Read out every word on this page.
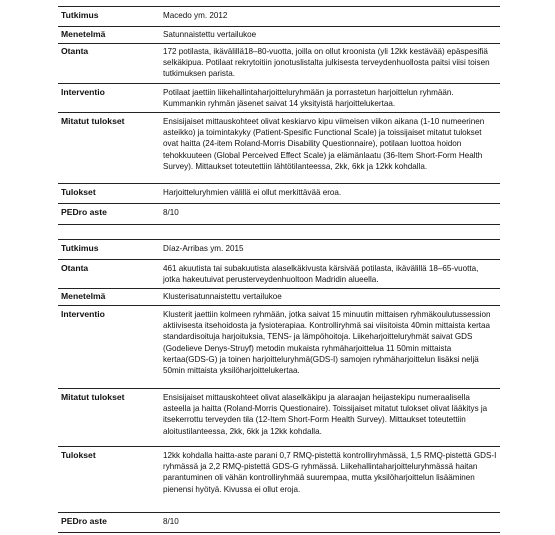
Tutkimus	Macedo ym. 2012
Menetelmä	Satunnaistettu vertailukoe
Otanta	172 potilasta, ikävälillä18–80-vuotta, joilla on ollut kroonista (yli 12kk kestävää) epäspesifiä selkäkipua. Potilaat rekrytoitiin jonotuslistalta julkisesta terveydenhuollosta paitsi viisi toisen tutkimuksen parista.
Interventio	Potilaat jaettiin liikehallintaharjoitteluryhmään ja porrastetun harjoittelun ryhmään. Kummankin ryhmän jäsenet saivat 14 yksityistä harjoittelukertaa.
Mitatut tulokset	Ensisijaiset mittauskohteet olivat keskiarvo kipu viimeisen viikon aikana (1-10 numeerinen asteikko) ja toimintakyky (Patient-Spesific Functional Scale) ja toissijaiset mitatut tulokset ovat haitta (24-item Roland-Morris Disability Questionnaire), potilaan luottoa hoidon tehokkuuteen (Global Perceived Effect Scale) ja elämänlaatu (36-Item Short-Form Health Survey). Mittaukset toteutettiin lähtötilanteessa, 2kk, 6kk ja 12kk kohdalla.
Tulokset	Harjoitteluryhmien välillä ei ollut merkittävää eroa.
PEDro aste	8/10
Tutkimus	Díaz-Arribas ym. 2015
Otanta	461 akuutista tai subakuutista alaselkäkivusta kärsivää potilasta, ikävälillä 18–65-vuotta, jotka hakeutuivat perusterveydenhuoltoon Madridin alueella.
Menetelmä	Klusterisatunnaistettu vertailukoe
Interventio	Klusterit jaettiin kolmeen ryhmään, jotka saivat 15 minuutin mittaisen ryhmäkoulutussession aktiivisesta itsehoidosta ja fysioterapiaa. Kontrolliryhmä sai viisitoista 40min mittaista kertaa standardisoituja harjoituksia, TENS- ja lämpöhoitoja. Liikeharjoitteluryhmät saivat GDS (Godelieve Denys-Struyf) metodin mukaista ryhmäharjoittelua 11 50min mittaista kertaa(GDS-G) ja toinen harjoitteluryhmä(GDS-I) samojen ryhmäharjoittelun lisäksi neljä 50min mittaista yksilöharjoittelukertaa.
Mitatut tulokset	Ensisijaiset mittauskohteet olivat alaselkäkipu ja alaraajan heijastekipu numeraalisella asteella ja haitta (Roland-Morris Questionaire). Toissijaiset mitatut tulokset olivat lääkitys ja itsekerrottu terveyden tila (12-Item Short-Form Health Survey). Mittaukset toteutettiin aloitustilanteessa, 2kk, 6kk ja 12kk kohdalla.
Tulokset	12kk kohdalla haitta-aste parani 0,7 RMQ-pistettä kontrolliryhmässä, 1,5 RMQ-pistettä GDS-I ryhmässä ja 2,2 RMQ-pistettä GDS-G ryhmässä. Liikehallintaharjoitteluryhmässä haitan parantuminen oli vähän kontrolliryhmää suurempaa, mutta yksilöharjoittelun lisääminen pienensi hyötyä. Kivussa ei ollut eroja.
PEDro aste	8/10
